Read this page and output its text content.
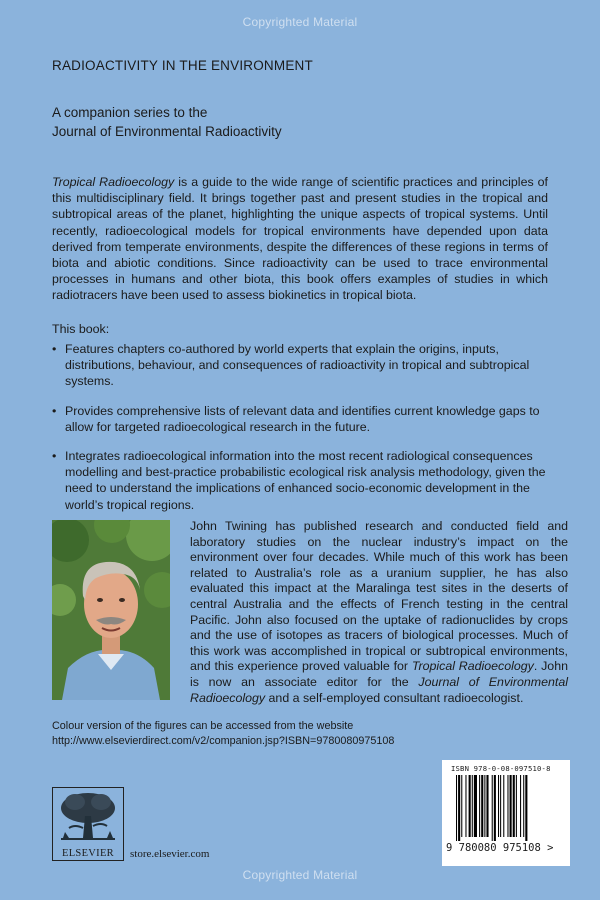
Copyrighted Material
RADIOACTIVITY IN THE ENVIRONMENT
A companion series to the
Journal of Environmental Radioactivity
Tropical Radioecology is a guide to the wide range of scientific practices and principles of this multidisciplinary field. It brings together past and present studies in the tropical and subtropical areas of the planet, highlighting the unique aspects of tropical systems. Until recently, radioecological models for tropical environments have depended upon data derived from temperate environments, despite the differences of these regions in terms of biota and abiotic conditions. Since radioactivity can be used to trace environmental processes in humans and other biota, this book offers examples of studies in which radiotracers have been used to assess biokinetics in tropical biota.
This book:
• Features chapters co-authored by world experts that explain the origins, inputs, distributions, behaviour, and consequences of radioactivity in tropical and subtropical systems.
• Provides comprehensive lists of relevant data and identifies current knowledge gaps to allow for targeted radioecological research in the future.
• Integrates radioecological information into the most recent radiological consequences modelling and best-practice probabilistic ecological risk analysis methodology, given the need to understand the implications of enhanced socio-economic development in the world’s tropical regions.
John Twining has published research and conducted field and laboratory studies on the nuclear industry’s impact on the environment over four decades. While much of this work has been related to Australia’s role as a uranium supplier, he has also evaluated this impact at the Maralinga test sites in the deserts of central Australia and the effects of French testing in the central Pacific. John also focused on the uptake of radionuclides by crops and the use of isotopes as tracers of biological processes. Much of this work was accomplished in tropical or subtropical environments, and this experience proved valuable for Tropical Radioecology. John is now an associate editor for the Journal of Environmental Radioecology and a self-employed consultant radioecologist.
Colour version of the figures can be accessed from the website
http://www.elsevierdirect.com/v2/companion.jsp?ISBN=9780080975108
ELSEVIER	store.elsevier.com
ISBN 978-0-08-097510-8
9 780080 975108 >
Copyrighted Material
